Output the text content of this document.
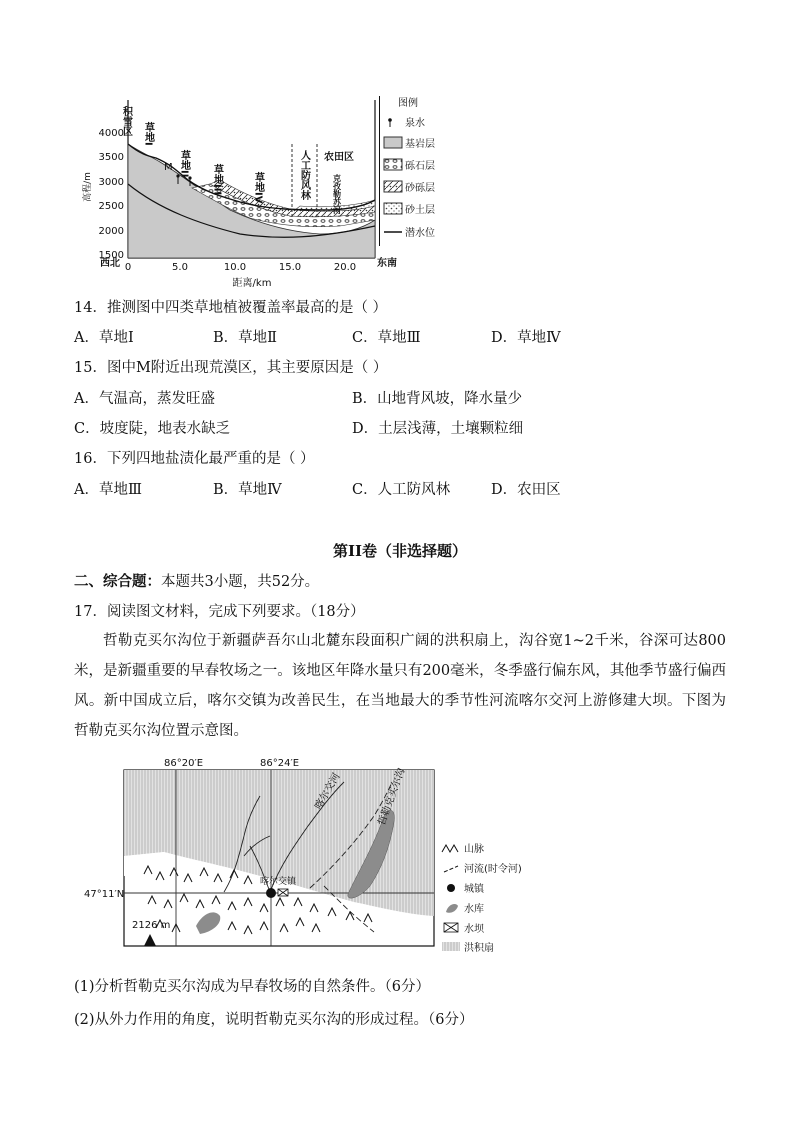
4000
3500
3000
2500
2000
1500
高程/m
0	5.0	10.0	15.0	20.0
西北	东南
距离/km
积雪区 草地I
M 草地II
草地III	草地IV	人工防风林 农田区
克孜勒苏河
图例
泉水
基岩层
砾石层
砂砾层
砂土层
潜水位
14．推测图中四类草地植被覆盖率最高的是（ ）
A．草地Ⅰ	B．草地Ⅱ	C．草地Ⅲ	D．草地Ⅳ
15．图中M附近出现荒漠区，其主要原因是（ ）
A．气温高，蒸发旺盛	B．山地背风坡，降水量少
C．坡度陡，地表水缺乏	D．土层浅薄，土壤颗粒细
16．下列四地盐渍化最严重的是（ ）
A．草地Ⅲ	B．草地Ⅳ	C．人工防风林	D．农田区
第II卷（非选择题）
二、综合题：本题共3小题，共52分。
17．阅读图文材料，完成下列要求。（18分）
哲勒克买尔沟位于新疆萨吾尔山北麓东段面积广阔的洪积扇上，沟谷宽1~2千米，谷深可达800米，是新疆重要的早春牧场之一。该地区年降水量只有200毫米，冬季盛行偏东风，其他季节盛行偏西风。新中国成立后，喀尔交镇为改善民生，在当地最大的季节性河流喀尔交河上游修建大坝。下图为哲勒克买尔沟位置示意图。
86°20′E	86°24′E
47°11′N
2126 m
喀尔交镇
喀尔交河	哲勒克买尔沟
山脉
河流(时令河)
城镇
水库
水坝
洪积扇
(1)分析哲勒克买尔沟成为早春牧场的自然条件。（6分）
(2)从外力作用的角度，说明哲勒克买尔沟的形成过程。（6分）
